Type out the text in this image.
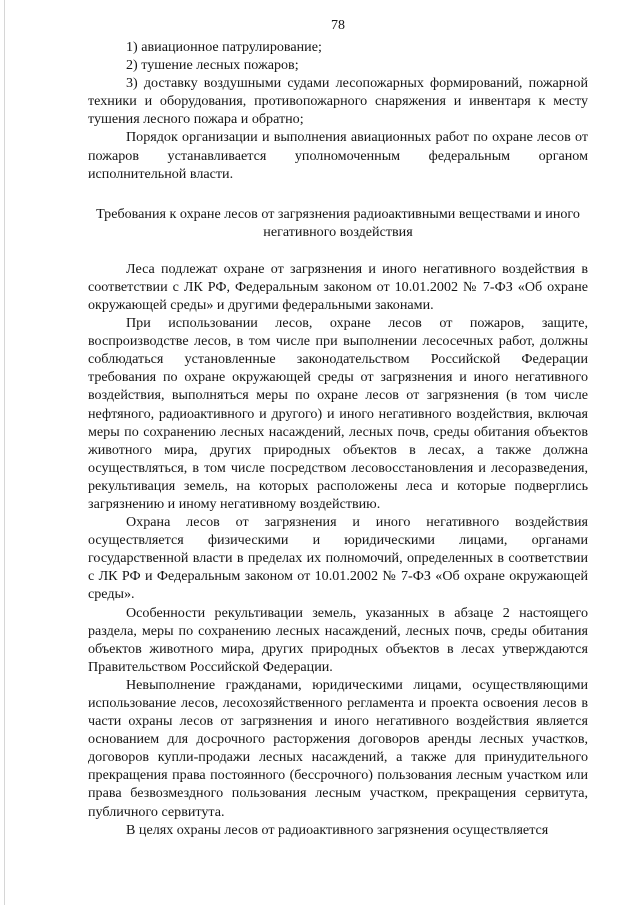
78

1) авиационное патрулирование;

2) тушение лесных пожаров;

3) доставку воздушными судами лесопожарных формирований, пожарной техники и оборудования, противопожарного снаряжения и инвентаря к месту тушения лесного пожара и обратно;

Порядок организации и выполнения авиационных работ по охране лесов от пожаров устанавливается уполномоченным федеральным органом исполнительной власти.

Требования к охране лесов от загрязнения радиоактивными веществами и иного негативного воздействия

Леса подлежат охране от загрязнения и иного негативного воздействия в соответствии с ЛК РФ, Федеральным законом от 10.01.2002 № 7-ФЗ «Об охране окружающей среды» и другими федеральными законами.

При использовании лесов, охране лесов от пожаров, защите, воспроизводстве лесов, в том числе при выполнении лесосечных работ, должны соблюдаться установленные законодательством Российской Федерации требования по охране окружающей среды от загрязнения и иного негативного воздействия, выполняться меры по охране лесов от загрязнения (в том числе нефтяного, радиоактивного и другого) и иного негативного воздействия, включая меры по сохранению лесных насаждений, лесных почв, среды обитания объектов животного мира, других природных объектов в лесах, а также должна осуществляться, в том числе посредством лесовосстановления и лесоразведения, рекультивация земель, на которых расположены леса и которые подверглись загрязнению и иному негативному воздействию.

Охрана лесов от загрязнения и иного негативного воздействия осуществляется физическими и юридическими лицами, органами государственной власти в пределах их полномочий, определенных в соответствии с ЛК РФ и Федеральным законом от 10.01.2002 № 7-ФЗ «Об охране окружающей среды».

Особенности рекультивации земель, указанных в абзаце 2 настоящего раздела, меры по сохранению лесных насаждений, лесных почв, среды обитания объектов животного мира, других природных объектов в лесах утверждаются Правительством Российской Федерации.

Невыполнение гражданами, юридическими лицами, осуществляющими использование лесов, лесохозяйственного регламента и проекта освоения лесов в части охраны лесов от загрязнения и иного негативного воздействия является основанием для досрочного расторжения договоров аренды лесных участков, договоров купли-продажи лесных насаждений, а также для принудительного прекращения права постоянного (бессрочного) пользования лесным участком или права безвозмездного пользования лесным участком, прекращения сервитута, публичного сервитута.

В целях охраны лесов от радиоактивного загрязнения осуществляется
